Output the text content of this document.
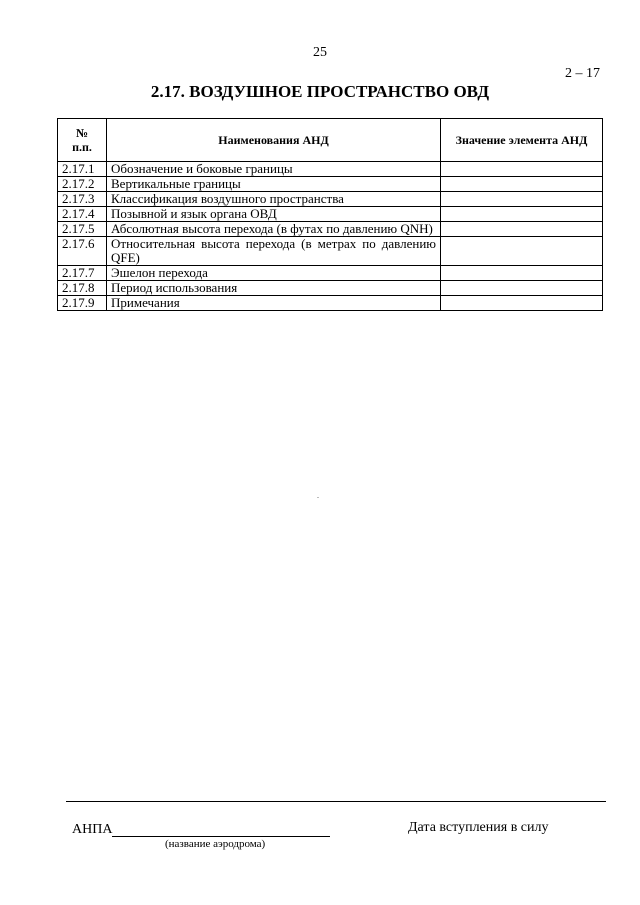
25
2 – 17
2.17. ВОЗДУШНОЕ ПРОСТРАНСТВО ОВД
№
п.п.	Наименования АНД	Значение элемента АНД
2.17.1	Обозначение и боковые границы	
2.17.2	Вертикальные границы	
2.17.3	Классификация воздушного пространства	
2.17.4	Позывной и язык органа ОВД	
2.17.5	Абсолютная высота перехода (в футах по давлению QNH)	
2.17.6	Относительная высота перехода (в метрах по давлению QFE)	
2.17.7	Эшелон перехода	
2.17.8	Период использования	
2.17.9	Примечания	
АНПА
(название аэродрома)
Дата вступления в силу
